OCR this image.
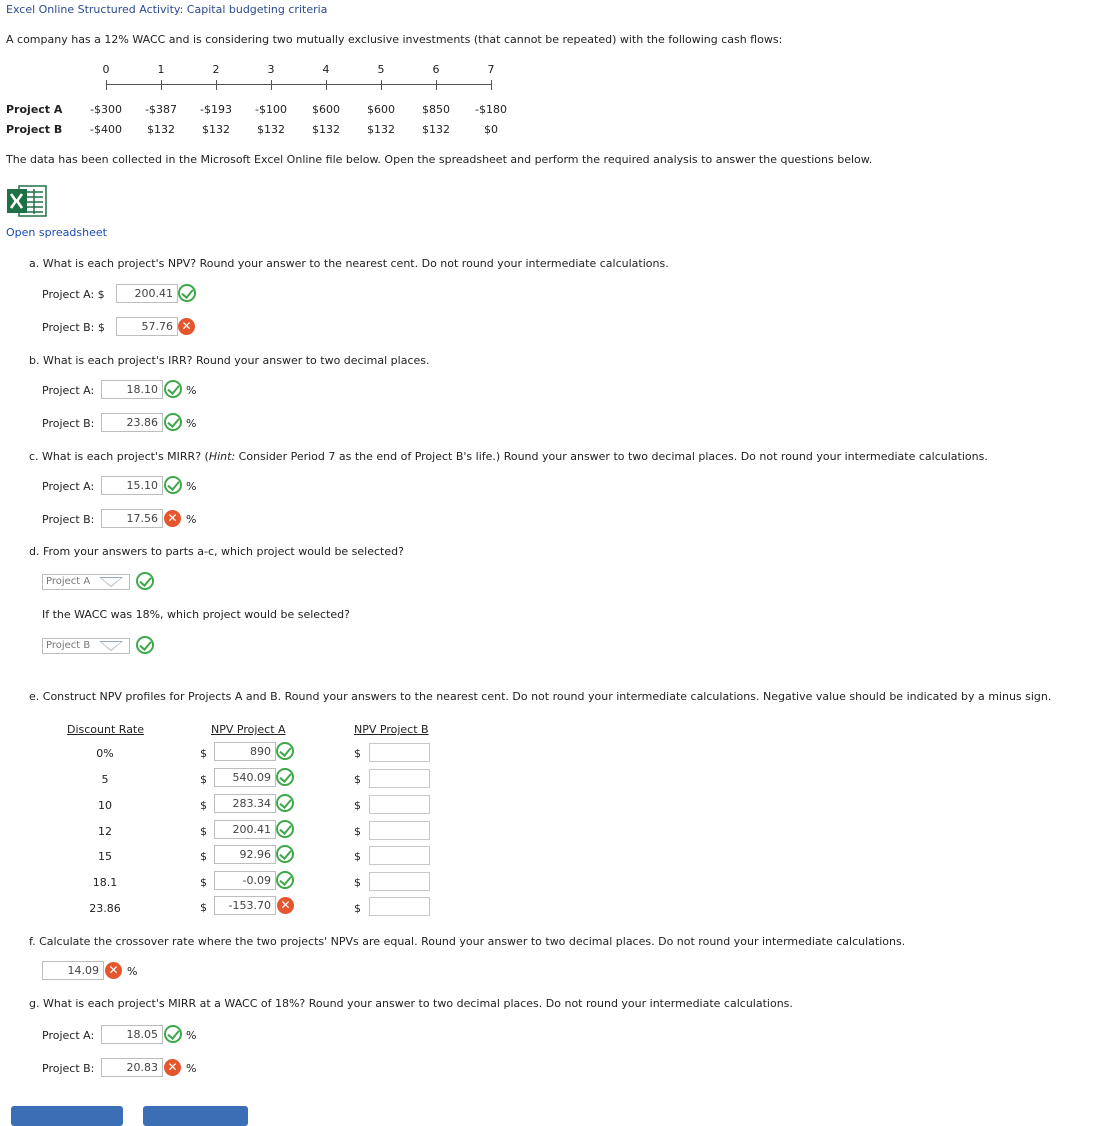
Excel Online Structured Activity: Capital budgeting criteria
A company has a 12% WACC and is considering two mutually exclusive investments (that cannot be repeated) with the following cash flows:
0	1	2	3	4	5	6	7
Project A	-$300	-$387	-$193	-$100	$600	$600	$850	-$180
Project B	-$400	$132	$132	$132	$132	$132	$132	$0
The data has been collected in the Microsoft Excel Online file below. Open the spreadsheet and perform the required analysis to answer the questions below.
Open spreadsheet
a. What is each project's NPV? Round your answer to the nearest cent. Do not round your intermediate calculations.
Project A: $	200.41
Project B: $	57.76 ✕
b. What is each project's IRR? Round your answer to two decimal places.
Project A:	18.10	%
Project B:	23.86	%
c. What is each project's MIRR? (Hint: Consider Period 7 as the end of Project B's life.) Round your answer to two decimal places. Do not round your intermediate calculations.
Project A:	15.10	%
Project B:	17.56 ✕ %
d. From your answers to parts a-c, which project would be selected?
Project A
If the WACC was 18%, which project would be selected?
Project B
e. Construct NPV profiles for Projects A and B. Round your answers to the nearest cent. Do not round your intermediate calculations. Negative value should be indicated by a minus sign.
Discount Rate	NPV Project A	NPV Project B
0%	$	890	$
5	$	540.09	$
10	$	283.34	$
12	$	200.41	$
15	$	92.96	$
18.1	$	-0.09	$
23.86	$	-153.70 ✕	$
f. Calculate the crossover rate where the two projects' NPVs are equal. Round your answer to two decimal places. Do not round your intermediate calculations.
14.09 ✕ %
g. What is each project's MIRR at a WACC of 18%? Round your answer to two decimal places. Do not round your intermediate calculations.
Project A:	18.05	%
Project B:	20.83 ✕ %
